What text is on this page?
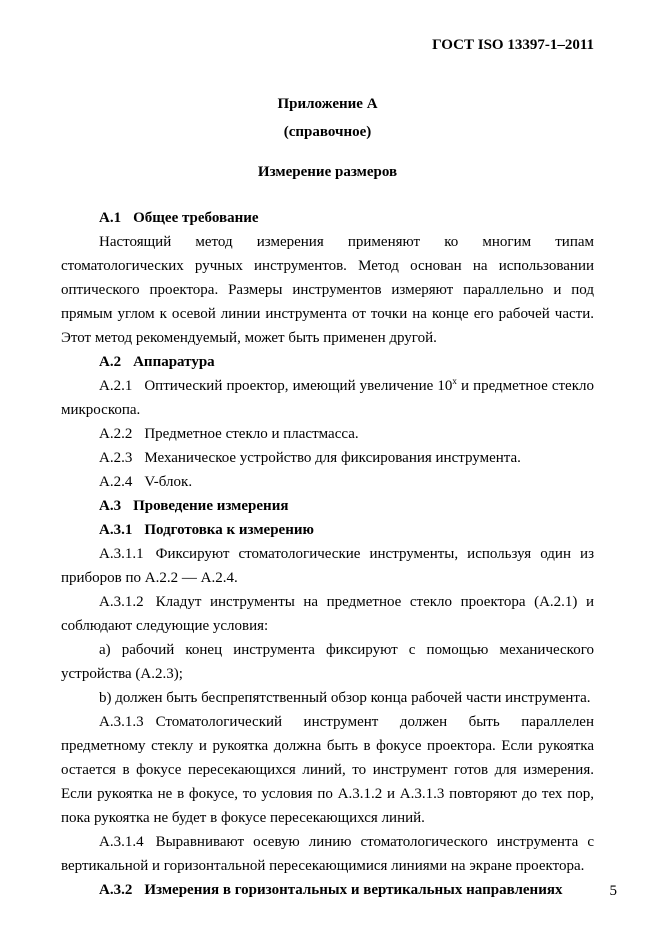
ГОСТ ISO 13397-1–2011
Приложение А
(справочное)
Измерение размеров

А.1 Общее требование

Настоящий метод измерения применяют ко многим типам стоматологических ручных инструментов. Метод основан на использовании оптического проектора. Размеры инструментов измеряют параллельно и под прямым углом к осевой линии инструмента от точки на конце его рабочей части. Этот метод рекомендуемый, может быть применен другой.

А.2 Аппаратура

А.2.1 Оптический проектор, имеющий увеличение $10^х$ и предметное стекло микроскопа.

А.2.2 Предметное стекло и пластмасса.

А.2.3 Механическое устройство для фиксирования инструмента.

А.2.4 V-блок.

А.3 Проведение измерения

А.3.1 Подготовка к измерению

А.3.1.1 Фиксируют стоматологические инструменты, используя один из приборов по А.2.2 — А.2.4.

А.3.1.2 Кладут инструменты на предметное стекло проектора (А.2.1) и соблюдают следующие условия:

a) рабочий конец инструмента фиксируют с помощью механического устройства (А.2.3);

b) должен быть беспрепятственный обзор конца рабочей части инструмента.

А.3.1.3 Стоматологический инструмент должен быть параллелен предметному стеклу и рукоятка должна быть в фокусе проектора. Если рукоятка остается в фокусе пересекающихся линий, то инструмент готов для измерения. Если рукоятка не в фокусе, то условия по А.3.1.2 и А.3.1.3 повторяют до тех пор, пока рукоятка не будет в фокусе пересекающихся линий.

А.3.1.4 Выравнивают осевую линию стоматологического инструмента с вертикальной и горизонтальной пересекающимися линиями на экране проектора.

А.3.2 Измерения в горизонтальных и вертикальных направлениях	5
